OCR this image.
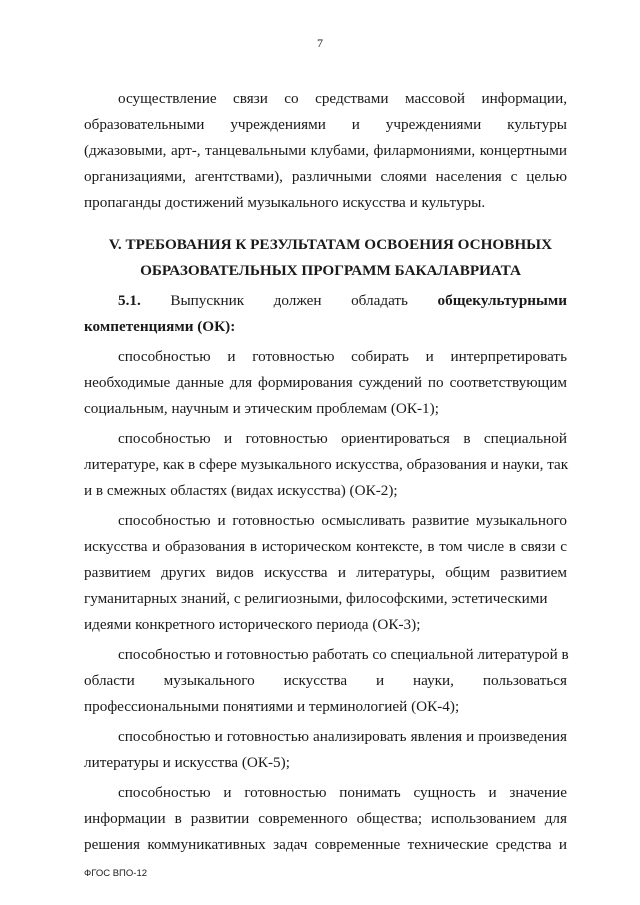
7
осуществление связи со средствами массовой информации,
образовательными учреждениями и учреждениями культуры
(джазовыми, арт-, танцевальными клубами, филармониями, концертными
организациями, агентствами), различными слоями населения с целью
пропаганды достижений музыкального искусства и культуры.
V. ТРЕБОВАНИЯ К РЕЗУЛЬТАТАМ ОСВОЕНИЯ ОСНОВНЫХ
ОБРАЗОВАТЕЛЬНЫХ ПРОГРАММ БАКАЛАВРИАТА
5.1. Выпускник должен обладать общекультурными
компетенциями (ОК):
способностью и готовностью собирать и интерпретировать
необходимые данные для формирования суждений по соответствующим
социальным, научным и этическим проблемам (ОК-1);
способностью и готовностью ориентироваться в специальной
литературе, как в сфере музыкального искусства, образования и науки, так
и в смежных областях (видах искусства) (ОК-2);
способностью и готовностью осмысливать развитие музыкального
искусства и образования в историческом контексте, в том числе в связи с
развитием других видов искусства и литературы, общим развитием
гуманитарных знаний, с религиозными, философскими, эстетическими
идеями конкретного исторического периода (ОК-3);
способностью и готовностью работать со специальной литературой в
области музыкального искусства и науки, пользоваться
профессиональными понятиями и терминологией (ОК-4);
способностью и готовностью анализировать явления и произведения
литературы и искусства (ОК-5);
способностью и готовностью понимать сущность и значение
информации в развитии современного общества; использованием для
решения коммуникативных задач современные технические средства и
ФГОС ВПО-12
